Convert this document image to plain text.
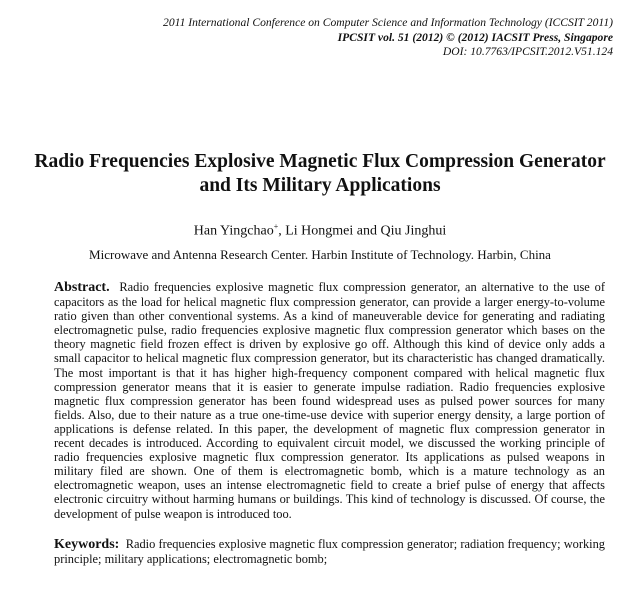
2011 International Conference on Computer Science and Information Technology (ICCSIT 2011)
IPCSIT vol. 51 (2012) © (2012) IACSIT Press, Singapore
DOI: 10.7763/IPCSIT.2012.V51.124
Radio Frequencies Explosive Magnetic Flux Compression Generator
and Its Military Applications
Han Yingchao+, Li Hongmei and Qiu Jinghui
Microwave and Antenna Research Center. Harbin Institute of Technology. Harbin, China
Abstract. Radio frequencies explosive magnetic flux compression generator, an alternative to the use of capacitors as the load for helical magnetic flux compression generator, can provide a larger energy-to-volume ratio given than other conventional systems. As a kind of maneuverable device for generating and radiating electromagnetic pulse, radio frequencies explosive magnetic flux compression generator which bases on the theory magnetic field frozen effect is driven by explosive go off. Although this kind of device only adds a small capacitor to helical magnetic flux compression generator, but its characteristic has changed dramatically. The most important is that it has higher high-frequency component compared with helical magnetic flux compression generator means that it is easier to generate impulse radiation. Radio frequencies explosive magnetic flux compression generator has been found widespread uses as pulsed power sources for many fields. Also, due to their nature as a true one-time-use device with superior energy density, a large portion of applications is defense related. In this paper, the development of magnetic flux compression generator in recent decades is introduced. According to equivalent circuit model, we discussed the working principle of radio frequencies explosive magnetic flux compression generator. Its applications as pulsed weapons in military filed are shown. One of them is electromagnetic bomb, which is a mature technology as an electromagnetic weapon, uses an intense electromagnetic field to create a brief pulse of energy that affects electronic circuitry without harming humans or buildings. This kind of technology is discussed. Of course, the development of pulse weapon is introduced too.
Keywords: Radio frequencies explosive magnetic flux compression generator; radiation frequency; working principle; military applications; electromagnetic bomb;
